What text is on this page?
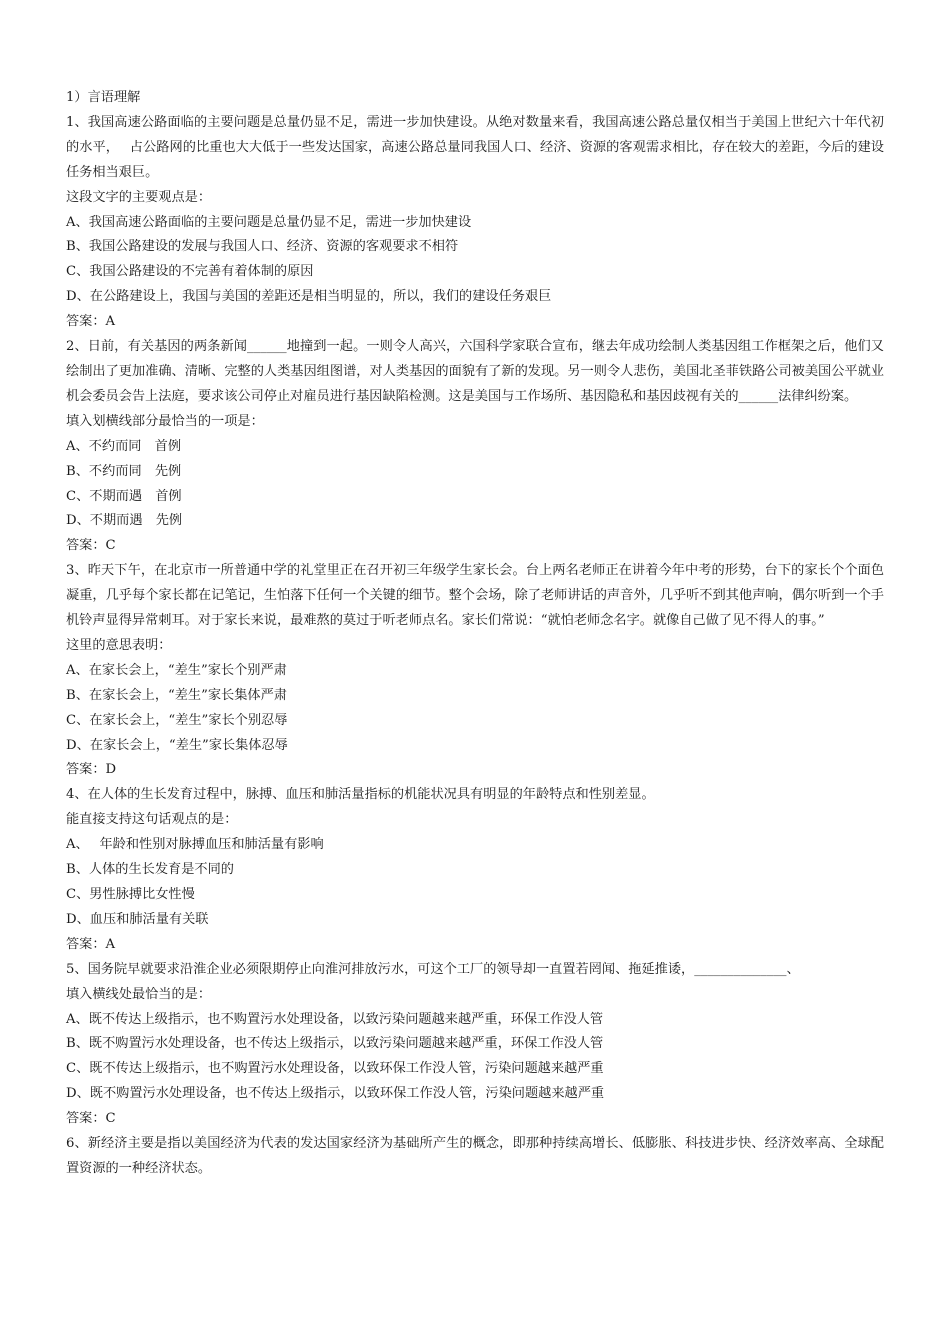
1）言语理解
1、我国高速公路面临的主要问题是总量仍显不足，需进一步加快建设。从绝对数量来看，我国高速公路总量仅相当于美国上世纪六十年代初的水平，　 占公路网的比重也大大低于一些发达国家，高速公路总量同我国人口、经济、资源的客观需求相比，存在较大的差距，今后的建设任务相当艰巨。
这段文字的主要观点是：
A、我国高速公路面临的主要问题是总量仍显不足，需进一步加快建设
B、我国公路建设的发展与我国人口、经济、资源的客观要求不相符
C、我国公路建设的不完善有着体制的原因
D、在公路建设上，我国与美国的差距还是相当明显的，所以，我们的建设任务艰巨
答案：A
2、日前，有关基因的两条新闻______地撞到一起。一则令人高兴，六国科学家联合宣布，继去年成功绘制人类基因组工作框架之后，他们又绘制出了更加准确、清晰、完整的人类基因组图谱，对人类基因的面貌有了新的发现。另一则令人悲伤，美国北圣菲铁路公司被美国公平就业机会委员会告上法庭，要求该公司停止对雇员进行基因缺陷检测。这是美国与工作场所、基因隐私和基因歧视有关的______法律纠纷案。
填入划横线部分最恰当的一项是：
A、不约而同　首例
B、不约而同　先例
C、不期而遇　首例
D、不期而遇　先例
答案：C
3、昨天下午，在北京市一所普通中学的礼堂里正在召开初三年级学生家长会。台上两名老师正在讲着今年中考的形势，台下的家长个个面色凝重，几乎每个家长都在记笔记，生怕落下任何一个关键的细节。整个会场，除了老师讲话的声音外，几乎听不到其他声响，偶尔听到一个手机铃声显得异常刺耳。对于家长来说，最难熬的莫过于听老师点名。家长们常说：“就怕老师念名字。就像自己做了见不得人的事。”
这里的意思表明：
A、在家长会上，“差生”家长个别严肃
B、在家长会上，“差生”家长集体严肃
C、在家长会上，“差生”家长个别忍辱
D、在家长会上，“差生”家长集体忍辱
答案：D
4、在人体的生长发育过程中，脉搏、血压和肺活量指标的机能状况具有明显的年龄特点和性别差显。
能直接支持这句话观点的是：
A、　 年龄和性别对脉搏血压和肺活量有影响
B、人体的生长发育是不同的
C、男性脉搏比女性慢
D、血压和肺活量有关联
答案：A
5、国务院早就要求沿淮企业必须限期停止向淮河排放污水，可这个工厂的领导却一直置若罔闻、拖延推诿，______________、
填入横线处最恰当的是：
A、既不传达上级指示，也不购置污水处理设备，以致污染问题越来越严重，环保工作没人管
B、既不购置污水处理设备，也不传达上级指示，以致污染问题越来越严重，环保工作没人管
C、既不传达上级指示，也不购置污水处理设备，以致环保工作没人管，污染问题越来越严重
D、既不购置污水处理设备，也不传达上级指示，以致环保工作没人管，污染问题越来越严重
答案：C
6、新经济主要是指以美国经济为代表的发达国家经济为基础所产生的概念，即那种持续高增长、低膨胀、科技进步快、经济效率高、全球配置资源的一种经济状态。
